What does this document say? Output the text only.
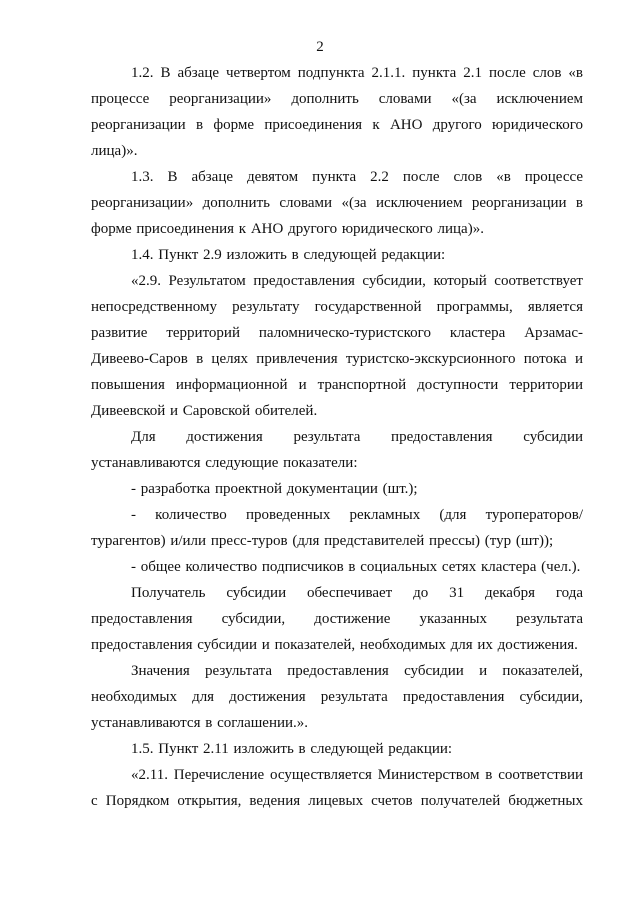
2

1.2. В абзаце четвертом подпункта 2.1.1. пункта 2.1 после слов «в процессе реорганизации» дополнить словами «(за исключением реорганизации в форме присоединения к АНО другого юридического лица)».

1.3. В абзаце девятом пункта 2.2 после слов «в процессе реорганизации» дополнить словами «(за исключением реорганизации в форме присоединения к АНО другого юридического лица)».

1.4. Пункт 2.9 изложить в следующей редакции:

«2.9. Результатом предоставления субсидии, который соответствует непосредственному результату государственной программы, является развитие территорий паломническо-туристского кластера Арзамас-Дивеево-Саров в целях привлечения туристско-экскурсионного потока и повышения информационной и транспортной доступности территории Дивеевской и Саровской обителей.

Для достижения результата предоставления субсидии устанавливаются следующие показатели:

- разработка проектной документации (шт.);

- количество проведенных рекламных (для туроператоров/турагентов) и/или пресс-туров (для представителей прессы) (тур (шт));

- общее количество подписчиков в социальных сетях кластера (чел.).

Получатель субсидии обеспечивает до 31 декабря года предоставления субсидии, достижение указанных результата предоставления субсидии и показателей, необходимых для их достижения.

Значения результата предоставления субсидии и показателей, необходимых для достижения результата предоставления субсидии, устанавливаются в соглашении.».

1.5. Пункт 2.11 изложить в следующей редакции:

«2.11. Перечисление осуществляется Министерством в соответствии с Порядком открытия, ведения лицевых счетов получателей бюджетных
